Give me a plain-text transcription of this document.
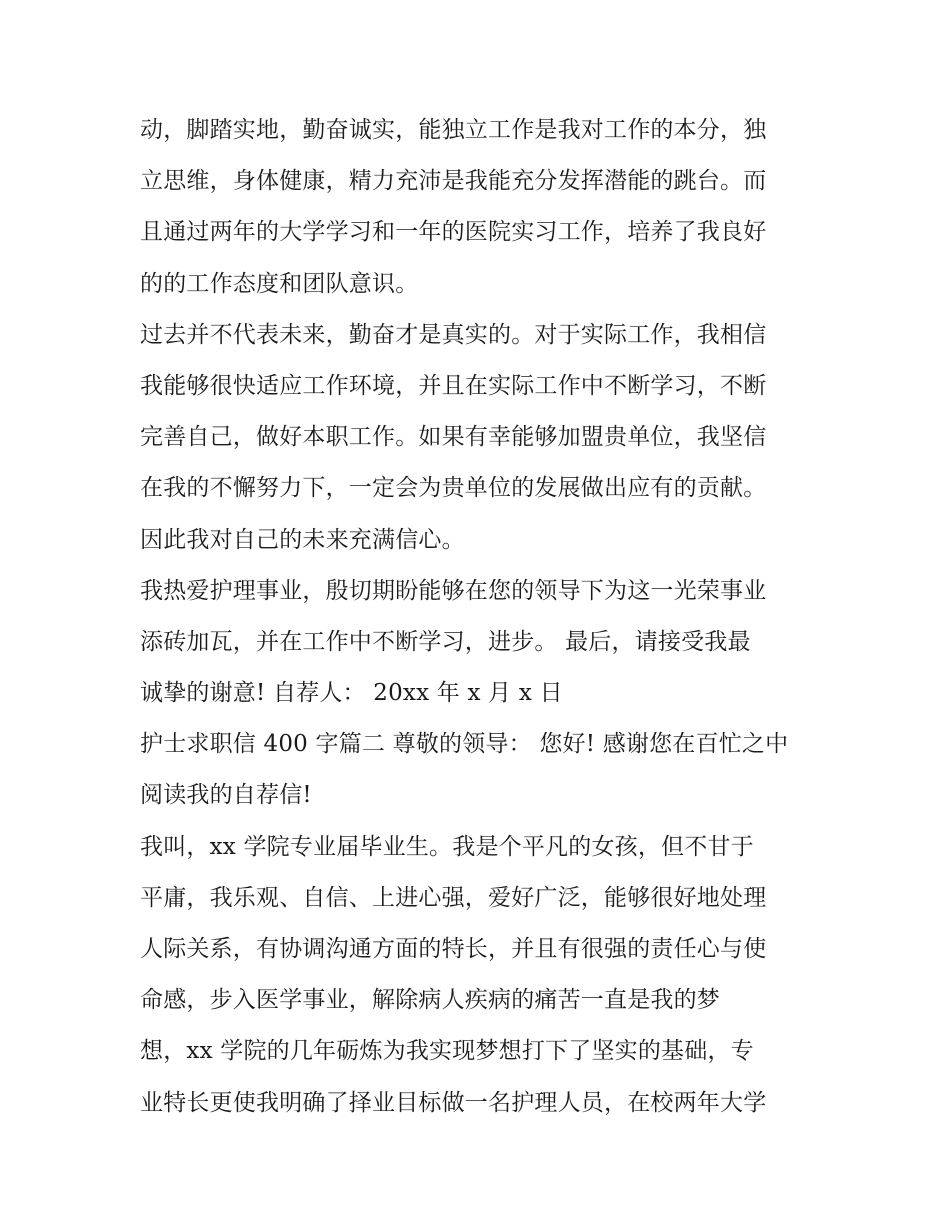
动，脚踏实地，勤奋诚实，能独立工作是我对工作的本分，独
立思维，身体健康，精力充沛是我能充分发挥潜能的跳台。而
且通过两年的大学学习和一年的医院实习工作，培养了我良好
的的工作态度和团队意识。
过去并不代表未来，勤奋才是真实的。对于实际工作，我相信
我能够很快适应工作环境，并且在实际工作中不断学习，不断
完善自己，做好本职工作。如果有幸能够加盟贵单位，我坚信
在我的不懈努力下，一定会为贵单位的发展做出应有的贡献。
因此我对自己的未来充满信心。
我热爱护理事业，殷切期盼能够在您的领导下为这一光荣事业
添砖加瓦，并在工作中不断学习，进步。 最后，请接受我最
诚挚的谢意! 自荐人： 20xx 年 x 月 x 日
护士求职信 400 字篇二 尊敬的领导： 您好! 感谢您在百忙之中
阅读我的自荐信!
我叫，xx 学院专业届毕业生。我是个平凡的女孩，但不甘于
平庸，我乐观、自信、上进心强，爱好广泛，能够很好地处理
人际关系，有协调沟通方面的特长，并且有很强的责任心与使
命感，步入医学事业，解除病人疾病的痛苦一直是我的梦
想，xx 学院的几年砺炼为我实现梦想打下了坚实的基础，专
业特长更使我明确了择业目标做一名护理人员，在校两年大学
